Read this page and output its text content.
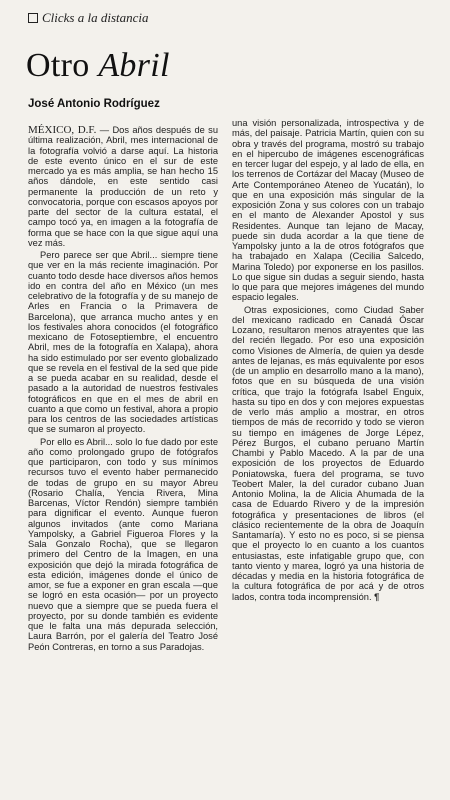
Clicks a la distancia
Otro Abril
José Antonio Rodríguez

MÉXICO, D.F. — Dos años después de su última realización, Abril, mes internacional de la fotografía volvió a darse aquí. La historia de este evento único en el sur de este mercado ya es más amplia, se han hecho 15 años dándole, en este sentido casi permanente la producción de un reto y convocatoria, porque con escasos apoyos por parte del sector de la cultura estatal, el campo tocó ya, en imagen a la fotografía de forma que se hace con la que sigue aquí una vez más.

Pero parece ser que Abril... siempre tiene que ver en la más reciente imaginación. Por cuanto todo desde hace diversos años hemos ido en contra del año en México (un mes celebrativo de la fotografía y de su manejo de Arles en Francia o la Primavera de Barcelona), que arranca mucho antes y en los festivales ahora conocidos (el fotográfico mexicano de Fotoseptiembre, el encuentro Abril, mes de la fotografía en Xalapa), ahora ha sido estimulado por ser evento globalizado que se revela en el festival de la sed que pide a se pueda acabar en su realidad, desde el pasado a la autoridad de nuestros festivales fotográficos en que en el mes de abril en cuanto a que como un festival, ahora a propio para los centros de las sociedades artísticas que se sumaron al proyecto.

Por ello es Abril... solo lo fue dado por este año como prolongado grupo de fotógrafos que participaron, con todo y sus mínimos recursos tuvo el evento haber permanecido de todas de grupo en su mayor Abreu (Rosario Chalía, Yencia Rivera, Mina Barcenas, Víctor Rendón) siempre también para dignificar el evento. Aunque fueron algunos invitados (ante como Mariana Yampolsky, a Gabriel Figueroa Flores y la Sala Gonzalo Rocha), que se llegaron primero del Centro de la Imagen, en una exposición que dejó la mirada fotográfica de esta edición, imágenes donde el único de amor, se fue a exponer en gran escala —que se logró en esta ocasión— por un proyecto nuevo que a siempre que se pueda fuera el proyecto, por su donde también es evidente que le falta una más depurada selección, Laura Barrón, por el galería del Teatro José Peón Contreras, en torno a sus Paradojas.

una visión personalizada, introspectiva y de más, del paisaje. Patricia Martín, quien con su obra y través del programa, mostró su trabajo en el hipercubo de imágenes escenográficas en tercer lugar del espejo, y al lado de ella, en los terrenos de Cortázar del Macay (Museo de Arte Contemporáneo Ateneo de Yucatán), lo que en una exposición más singular de la exposición Zona y sus colores con un trabajo en el manto de Alexander Apostol y sus Residentes. Aunque tan lejano de Macay, puede sin duda acordar a la que tiene de Yampolsky junto a la de otros fotógrafos que ha trabajado en Xalapa (Cecilia Salcedo, Marina Toledo) por exponerse en los pasillos. Lo que sigue sin dudas a seguir siendo, hasta lo que para que mejores imágenes del mundo espacio legales.

Otras exposiciones, como Ciudad Saber del mexicano radicado en Canadá Óscar Lozano, resultaron menos atrayentes que las del recién llegado. Por eso una exposición como Visiones de Almería, de quien ya desde antes de lejanas, es más equivalente por esos (de un amplio en desarrollo mano a la mano), fotos que en su búsqueda de una visión crítica, que trajo la fotógrafa Isabel Enguix, hasta su tipo en dos y con mejores expuestas de verlo más amplio a mostrar, en otros tiempos de más de recorrido y todo se vieron su tiempo en imágenes de Jorge Lépez, Pérez Burgos, el cubano peruano Martín Chambi y Pablo Macedo. A la par de una exposición de los proyectos de Eduardo Poniatowska, fuera del programa, se tuvo Teobert Maler, la del curador cubano Juan Antonio Molina, la de Alicia Ahumada de la casa de Eduardo Rivero y de la impresión fotográfica y presentaciones de libros (el clásico recientemente de la obra de Joaquín Santamaría). Y esto no es poco, si se piensa que el proyecto lo en cuanto a los cuantos entusiastas, este infatigable grupo que, con tanto viento y marea, logró ya una historia de décadas y media en la historia fotográfica de la cultura fotográfica de por acá y de otros lados, contra toda incomprensión. ¶
